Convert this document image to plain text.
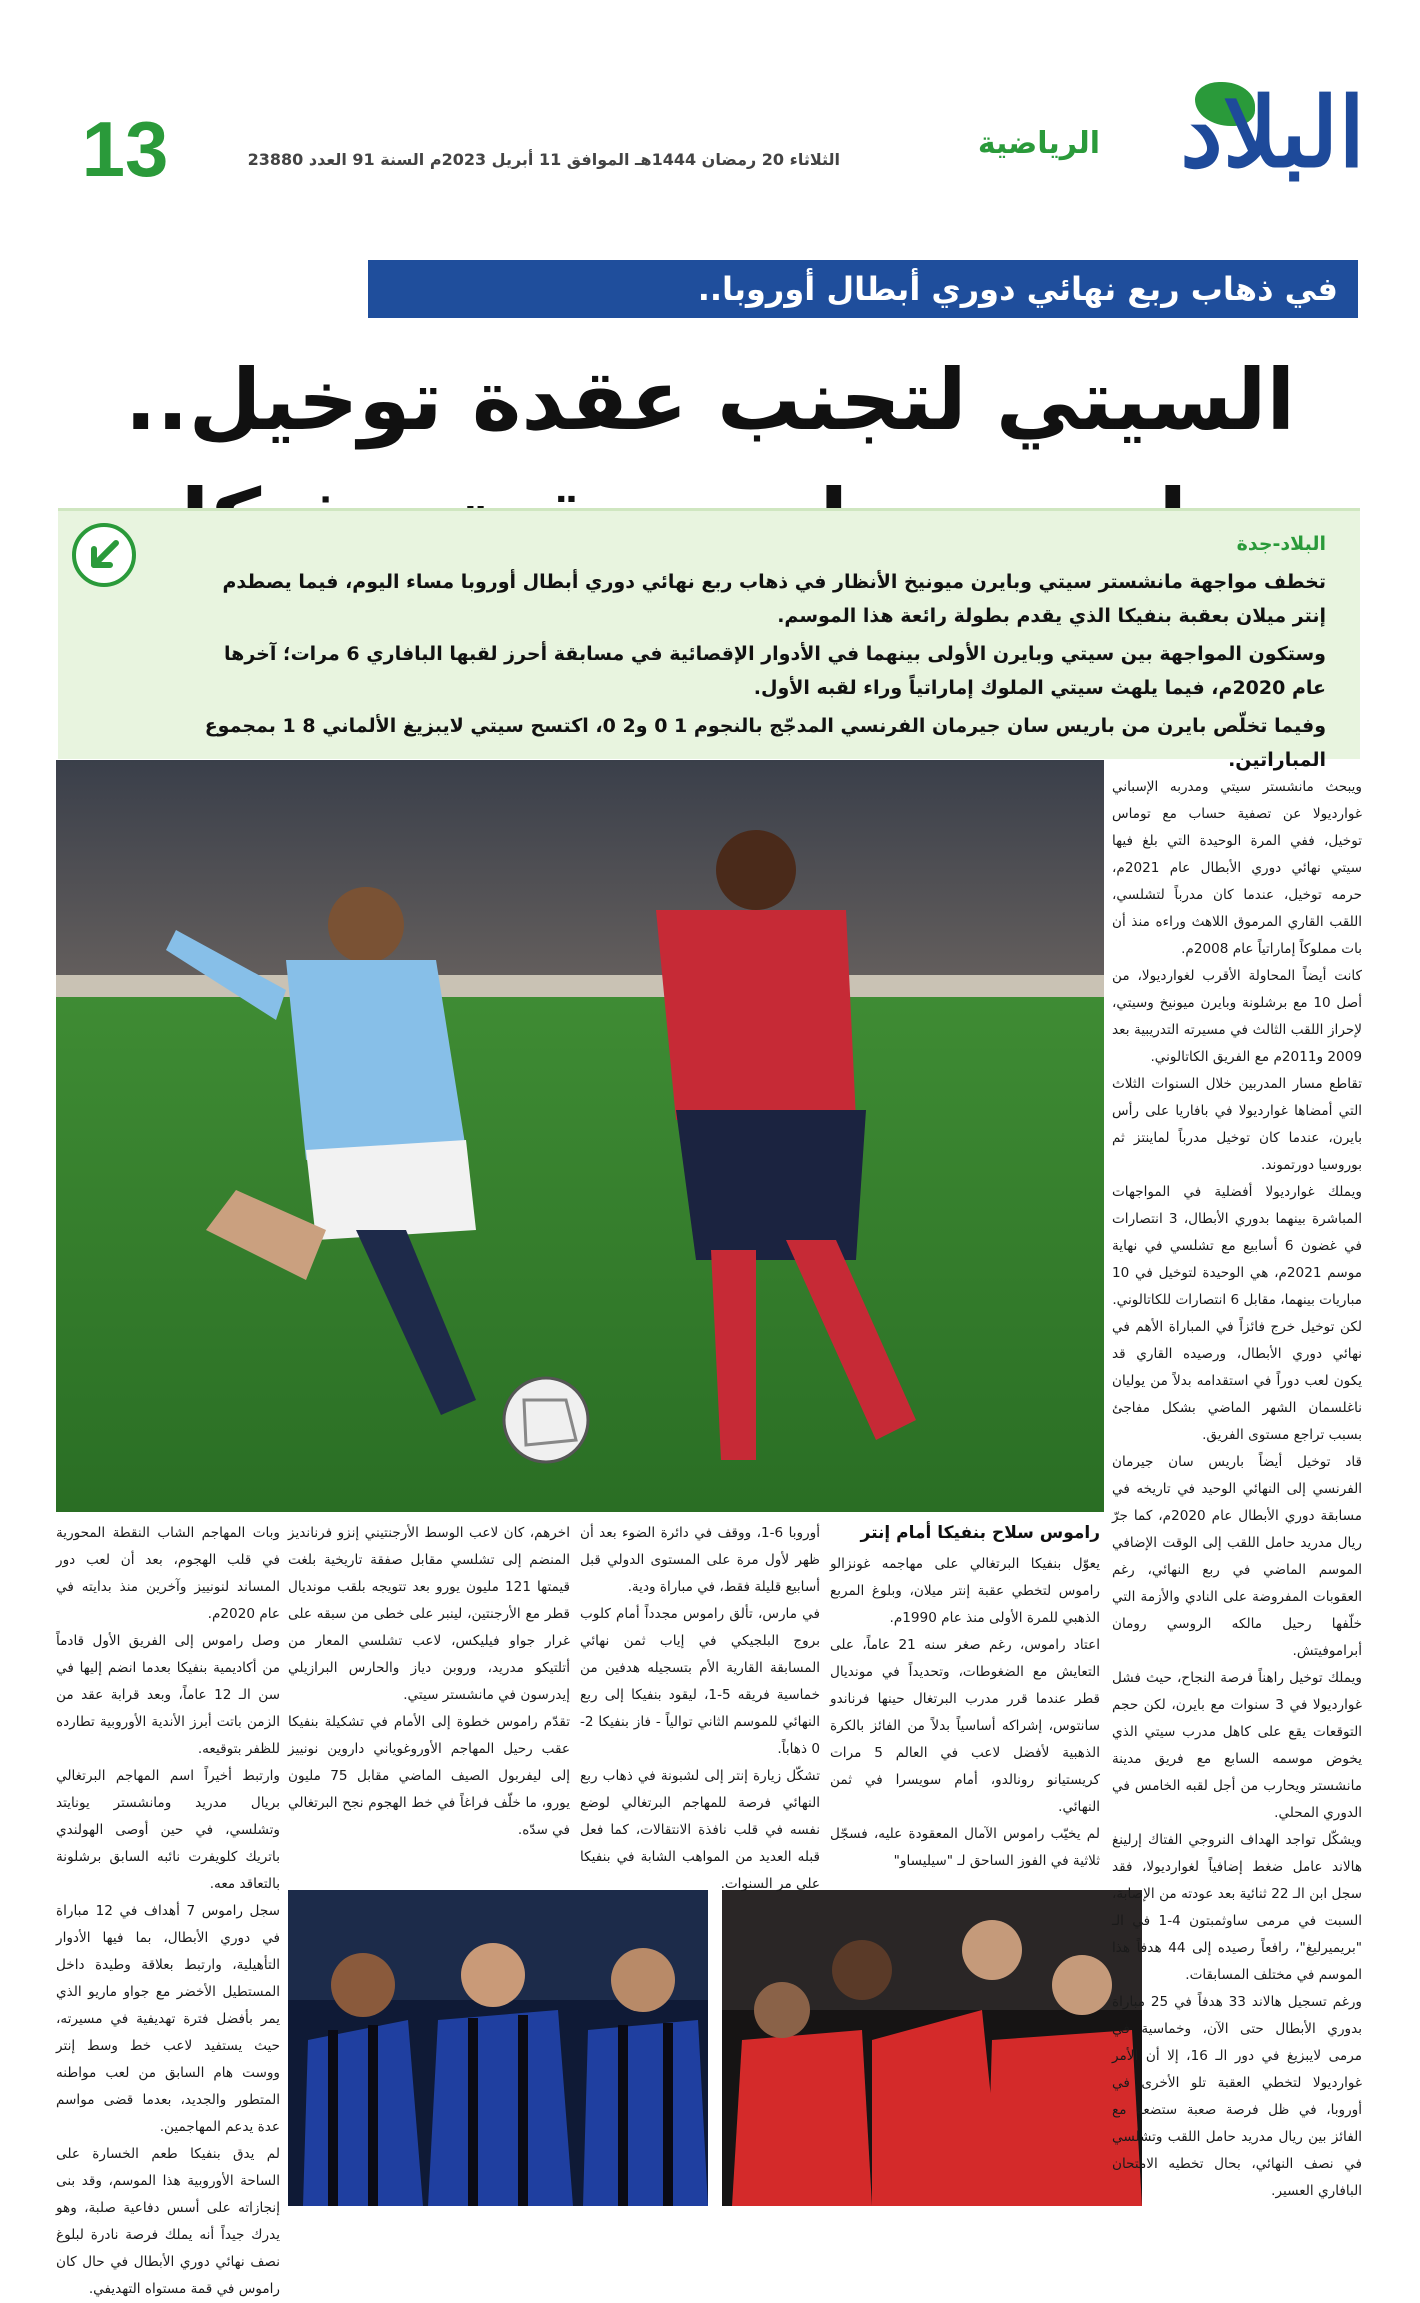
البلاد
الرياضية
الثلاثاء 20 رمضان 1444هـ الموافق 11 أبريل 2023م السنة 91 العدد 23880
13
في ذهاب ربع نهائي دوري أبطال أوروبا..
السيتي لتجنب عقدة توخيل..
البلاد-جدة

تخطف مواجهة مانشستر سيتي وبايرن ميونيخ الأنظار في ذهاب ربع نهائي دوري أبطال أوروبا مساء اليوم، فيما يصطدم إنتر ميلان بعقبة بنفيكا الذي يقدم بطولة رائعة هذا الموسم.

وستكون المواجهة بين سيتي وبايرن الأولى بينهما في الأدوار الإقصائية في مسابقة أحرز لقبها البافاري 6 مرات؛ آخرها عام 2020م، فيما يلهث سيتي الملوك إماراتياً وراء لقبه الأول.

وفيما تخلّص بايرن من باريس سان جيرمان الفرنسي المدجّج بالنجوم 1 0 و2 0، اكتسح سيتي لايبزيغ الألماني 8 1 بمجموع المباراتين.

ويبحث مانشستر سيتي ومدربه الإسباني غوارديولا عن تصفية حساب مع توماس توخيل، ففي المرة الوحيدة التي بلغ فيها سيتي نهائي دوري الأبطال عام 2021م، حرمه توخيل، عندما كان مدرباً لتشلسي، اللقب القاري المرموق اللاهث وراءه منذ أن بات مملوكاً إماراتياً عام 2008م.

كانت أيضاً المحاولة الأقرب لغوارديولا، من أصل 10 مع برشلونة وبايرن ميونيخ وسيتي، لإحراز اللقب الثالث في مسيرته التدريبية بعد 2009 و2011م مع الفريق الكاتالوني.

تقاطع مسار المدربين خلال السنوات الثلاث التي أمضاها غوارديولا في بافاريا على رأس بايرن، عندما كان توخيل مدرباً لماينتز ثم بوروسيا دورتموند.

ويملك غوارديولا أفضلية في المواجهات المباشرة بينهما بدوري الأبطال، 3 انتصارات في غضون 6 أسابيع مع تشلسي في نهاية موسم 2021م، هي الوحيدة لتوخيل في 10 مباريات بينهما، مقابل 6 انتصارات للكاتالوني.

لكن توخيل خرج فائزاً في المباراة الأهم في نهائي دوري الأبطال، ورصيده القاري قد يكون لعب دوراً في استقدامه بدلاً من يوليان ناغلسمان الشهر الماضي بشكل مفاجئ بسبب تراجع مستوى الفريق.

قاد توخيل أيضاً باريس سان جيرمان الفرنسي إلى النهائي الوحيد في تاريخه في مسابقة دوري الأبطال عام 2020م، كما جرّ ريال مدريد حامل اللقب إلى الوقت الإضافي الموسم الماضي في ربع النهائي، رغم العقوبات المفروضة على النادي والأزمة التي خلّفها رحيل مالكه الروسي رومان أبراموفيتش.

ويملك توخيل راهناً فرصة النجاح، حيث فشل غوارديولا في 3 سنوات مع بايرن، لكن حجم التوقعات يقع على كاهل مدرب سيتي الذي يخوض موسمه السابع مع فريق مدينة مانشستر ويحارب من أجل لقبه الخامس في الدوري المحلي.

ويشكّل تواجد الهداف النروجي الفتاك إرلينغ هالاند عامل ضغط إضافياً لغوارديولا، فقد سجل ابن الـ 22 ثنائية بعد عودته من الإصابة، السبت في مرمى ساوثمبتون 4-1 في الـ "بريميرليغ"، رافعاً رصيده إلى 44 هدفاً هذا الموسم في مختلف المسابقات.

ورغم تسجيل هالاند 33 هدفاً في 25 مباراة بدوري الأبطال حتى الآن، وخماسية في مرمى لايبزيغ في دور الـ 16، إلا أن الأمر غوارديولا لتخطي العقبة تلو الأخرى في أوروبا، في ظل فرصة صعبة ستضعه مع الفائز بين ريال مدريد حامل اللقب وتشلسي في نصف النهائي، بحال تخطيه الامتحان البافاري العسير.

راموس سلاح بنفيكا أمام إنتر

يعوّل بنفيكا البرتغالي على مهاجمه غونزالو راموس لتخطي عقبة إنتر ميلان، وبلوغ المربع الذهبي للمرة الأولى منذ عام 1990م.

اعتاد راموس، رغم صغر سنه 21 عاماً، على التعايش مع الضغوطات، وتحديداً في مونديال قطر عندما قرر مدرب البرتغال حينها فرناندو سانتوس، إشراكه أساسياً بدلاً من الفائز بالكرة الذهبية لأفضل لاعب في العالم 5 مرات كريستيانو رونالدو، أمام سويسرا في ثمن النهائي.

لم يخيّب راموس الآمال المعقودة عليه، فسجّل ثلاثية في الفوز الساحق لـ "سيليساو"

أوروبا 6-1، ووقف في دائرة الضوء بعد أن ظهر لأول مرة على المستوى الدولي قبل أسابيع قليلة فقط، في مباراة ودية.

في مارس، تألق راموس مجدداً أمام كلوب بروج البلجيكي في إياب ثمن نهائي المسابقة القارية الأم بتسجيله هدفين من خماسية فريقه 5-1، ليقود بنفيكا إلى ربع النهائي للموسم الثاني توالياً - فاز بنفيكا 2-0 ذهاباً.

تشكّل زيارة إنتر إلى لشبونة في ذهاب ربع النهائي فرصة للمهاجم البرتغالي لوضع نفسه في قلب نافذة الانتقالات، كما فعل قبله العديد من المواهب الشابة في بنفيكا على مر السنوات.

اخرهم، كان لاعب الوسط الأرجنتيني إنزو فرنانديز المنضم إلى تشلسي مقابل صفقة تاريخية بلغت قيمتها 121 مليون يورو بعد تتويجه بلقب مونديال قطر مع الأرجنتين، لينبر على خطى من سبقه على غرار جواو فيليكس، لاعب تشلسي المعار من أتلتيكو مدريد، وروبن دياز والحارس البرازيلي إيدرسون في مانشستر سيتي.

تقدّم راموس خطوة إلى الأمام في تشكيلة بنفيكا عقب رحيل المهاجم الأوروغوياني داروين نونييز إلى ليفربول الصيف الماضي مقابل 75 مليون يورو، ما خلّف فراغاً في خط الهجوم نجح البرتغالي في سدّه.

وبات المهاجم الشاب النقطة المحورية في قلب الهجوم، بعد أن لعب دور المساند لنونييز وآخرين منذ بدايته في عام 2020م.

وصل راموس إلى الفريق الأول قادماً من أكاديمية بنفيكا بعدما انضم إليها في سن الـ 12 عاماً، وبعد قرابة عقد من الزمن باتت أبرز الأندية الأوروبية تطارده للظفر بتوقيعه.

وارتبط أخيراً اسم المهاجم البرتغالي بريال مدريد ومانشستر يونايتد وتشلسي، في حين أوصى الهولندي باتريك كلويفرت نائبه السابق برشلونة بالتعاقد معه.

سجل راموس 7 أهداف في 12 مباراة في دوري الأبطال، بما فيها الأدوار التأهيلية، وارتبط بعلاقة وطيدة داخل المستطيل الأخضر مع جواو ماريو الذي يمر بأفضل فترة تهديفية في مسيرته، حيث يستفيد لاعب خط وسط إنتر ووست هام السابق من لعب مواطنه المتطور والجديد، بعدما قضى مواسم عدة يدعم المهاجمين.

لم يدق بنفيكا طعم الخسارة على الساحة الأوروبية هذا الموسم، وقد بنى إنجازاته على أسس دفاعية صلبة، وهو يدرك جيداً أنه يملك فرصة نادرة لبلوغ نصف نهائي دوري الأبطال في حال كان راموس في قمة مستواه التهديفي.
